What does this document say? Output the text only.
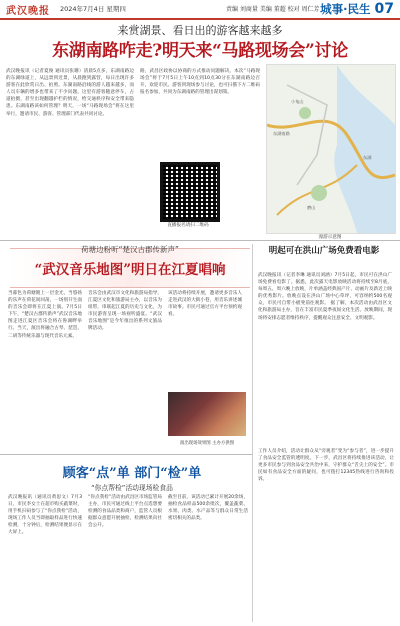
武汉晚报 2024年7月4日 星期四	责编 刘商量 美编 董超 校对 周仁芳 城事·民生 07
来赏湖景、看日出的游客越来越多
东湖南路咋走?明天来“马路现场会”讨论
武汉晚报讯（记者夏俊 通讯员张珊）清晨5点多，东湖南路边的东湖绿道上，从远景到近景，从晨跑到露营，每日出现许多游客在此欣赏日出、拍照。东湖南路沿线的游人越来越多，而人员车辆的增多也带来了不少问题。这里有游客随意停车，占道拍摄，甚至出现翻越护栏的情况，给交通秩序和安全带来隐患。东湖南路该如何管理？明天，一场“马路现场会”将在这里举行，邀请市民、游客、管理部门代表共同讨论。
路，武昌区政协以协商的方式推动问题解决。本次“马路现场会”将于7月5日上午10点到10点30分在东湖南路边召开，欢迎市民、游客到现场参与讨论，也可扫描下方二维码报名参加，共同为东湖南路的管理出谋划策。
直播报名请扫二维码
东湖南路
小龟山
磨山
东湖
漫游示意图
荷塘边粉听“楚汉古郡传新声”
“武汉音乐地图”明日在江夏唱响
当暮色为荷塘镀上一层金光，当悠扬的乐声在荷花间回荡，一场别开生面的音乐会即将在江夏上演。7月5日下午，“楚汉古郡传新声”武汉音乐地图走进江夏区音乐会将在鲁湖畔举行。当天，演出将融合古琴、琵琶、二胡等传统乐器与现代音乐元素。
音乐会由武汉市文化和旅游局指导，江夏区文化和旅游局主办，以音乐为纽带，串联起江夏的历史与文化，为市民游客呈现一场视听盛宴。“武汉音乐地图”是今年推出的系列文旅品牌活动。
该活动将持续开展，邀请更多音乐人走进武汉的大街小巷，用音乐讲述城市故事。市民可通过官方平台预约观看。
演出现场效果图 主办方供图
明起可在洪山广场免费看电影
武汉晚报讯（记者李琳 通讯员刘涵）7月5日起，市民可在洪山广场免费看电影了。据悉，此次露天电影放映活动将持续至8月底，每周五、周六晚上放映，片单涵盖经典国产片、动画片及新近上映的优秀影片。放映点设在洪山广场中心草坪，可容纳约500名观众，市民可自带小板凳前往观影。 据了解，本次活动由武昌区文化和旅游局主办，旨在丰富市民夏季夜间文化生活。放映期间，现场将安排志愿者维持秩序，提醒观众注意安全、文明观影。
顾客“点”单 部门“检”单
“你点帮检”活动现场检食品
武汉晚报讯（通讯员黄思文）7月3日，市民李女士在超市购买蔬菜时，用手机扫码参与了“你点我检”活动，现场工作人员当即抽取样品进行快速检测，十分钟后，检测结果便显示在大屏上。
“你点我检”活动由武昌区市场监管局主办，市民可通过线上平台点选想要检测的食品品类和商户，监管人员根据群众意愿开展抽检，检测结果向社会公开。
截至目前，该活动已累计开展20余场，抽检食品样品500余批次，覆盖蔬菜、水果、肉类、水产品等与群众日常生活密切相关的品类。
工作人员介绍，活动让群众从“旁观者”变为“参与者”，进一步提升了食品安全监管的透明度。下一步，武昌区将持续推进该活动，让更多市民参与到食品安全共治中来，守护群众“舌尖上的安全”。市民如有食品安全方面的疑问，也可拨打12345热线进行咨询和投诉。
